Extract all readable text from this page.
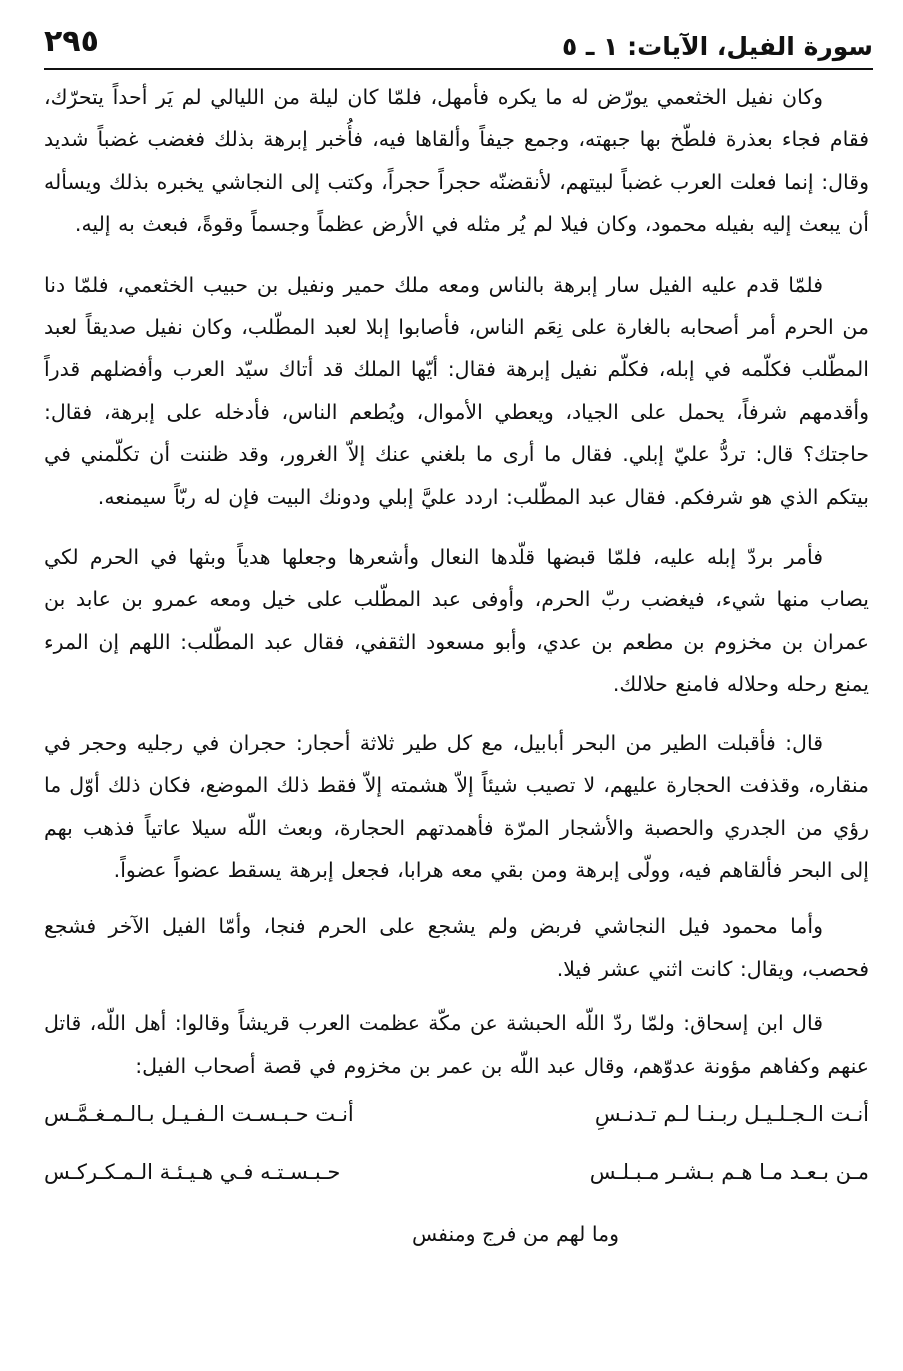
سورة الفيل، الآيات: ١ ـ ٥
٢٩٥

وكان نفيل الخثعمي يورّض له ما يكره فأمهل، فلمّا كان ليلة من الليالي لم يَر أحداً يتحرّك، فقام فجاء بعذرة فلطّخ بها جبهته، وجمع جيفاً وألقاها فيه، فأُخبر إبرهة بذلك فغضب غضباً شديد وقال: إنما فعلت العرب غضباً لبيتهم، لأنقضنّه حجراً حجراً، وكتب إلى النجاشي يخبره بذلك ويسأله أن يبعث إليه بفيله محمود، وكان فيلا لم يُر مثله في الأرض عظماً وجسماً وقوةً، فبعث به إليه.

فلمّا قدم عليه الفيل سار إبرهة بالناس ومعه ملك حمير ونفيل بن حبيب الخثعمي، فلمّا دنا من الحرم أمر أصحابه بالغارة على نِعَم الناس، فأصابوا إبلا لعبد المطّلب، وكان نفيل صديقاً لعبد المطّلب فكلّمه في إبله، فكلّم نفيل إبرهة فقال: أيّها الملك قد أتاك سيّد العرب وأفضلهم قدراً وأقدمهم شرفاً، يحمل على الجياد، ويعطي الأموال، ويُطعم الناس، فأدخله على إبرهة، فقال: حاجتك؟ قال: تردُّ عليّ إبلي. فقال ما أرى ما بلغني عنك إلاّ الغرور، وقد ظننت أن تكلّمني في بيتكم الذي هو شرفكم. فقال عبد المطّلب: اردد عليَّ إبلي ودونك البيت فإن له ربّاً سيمنعه.

فأمر بردّ إبله عليه، فلمّا قبضها قلّدها النعال وأشعرها وجعلها هدياً وبثها في الحرم لكي يصاب منها شيء، فيغضب ربّ الحرم، وأوفى عبد المطّلب على خيل ومعه عمرو بن عابد بن عمران بن مخزوم بن مطعم بن عدي، وأبو مسعود الثقفي، فقال عبد المطّلب: اللهم إن المرء يمنع رحله وحلاله فامنع حلالك.

قال: فأقبلت الطير من البحر أبابيل، مع كل طير ثلاثة أحجار: حجران في رجليه وحجر في منقاره، وقذفت الحجارة عليهم، لا تصيب شيئاً إلاّ هشمته إلاّ فقط ذلك الموضع، فكان ذلك أوّل ما رؤي من الجدري والحصبة والأشجار المرّة فأهمدتهم الحجارة، وبعث اللّه سيلا عاتياً فذهب بهم إلى البحر فألقاهم فيه، وولّى إبرهة ومن بقي معه هرابا، فجعل إبرهة يسقط عضواً عضواً.

وأما محمود فيل النجاشي فربض ولم يشجع على الحرم فنجا، وأمّا الفيل الآخر فشجع فحصب، ويقال: كانت اثني عشر فيلا.

قال ابن إسحاق: ولمّا ردّ اللّه الحبشة عن مكّة عظمت العرب قريشاً وقالوا: أهل اللّه، قاتل عنهم وكفاهم مؤونة عدوّهم، وقال عبد اللّه بن عمر بن مخزوم في قصة أصحاب الفيل:

أنـت الـجـلـيـل ربـنـا لـم تـدنـسِ
أنـت حـبـسـت الـفـيـل بـالـمـغـمَّـس
مـن بـعـد مـا هـم بـشـر مـبـلـس
حـبـسـتـه فـي هـيـئـة الـمـكـركـس
وما لهم من فرج ومنفس
